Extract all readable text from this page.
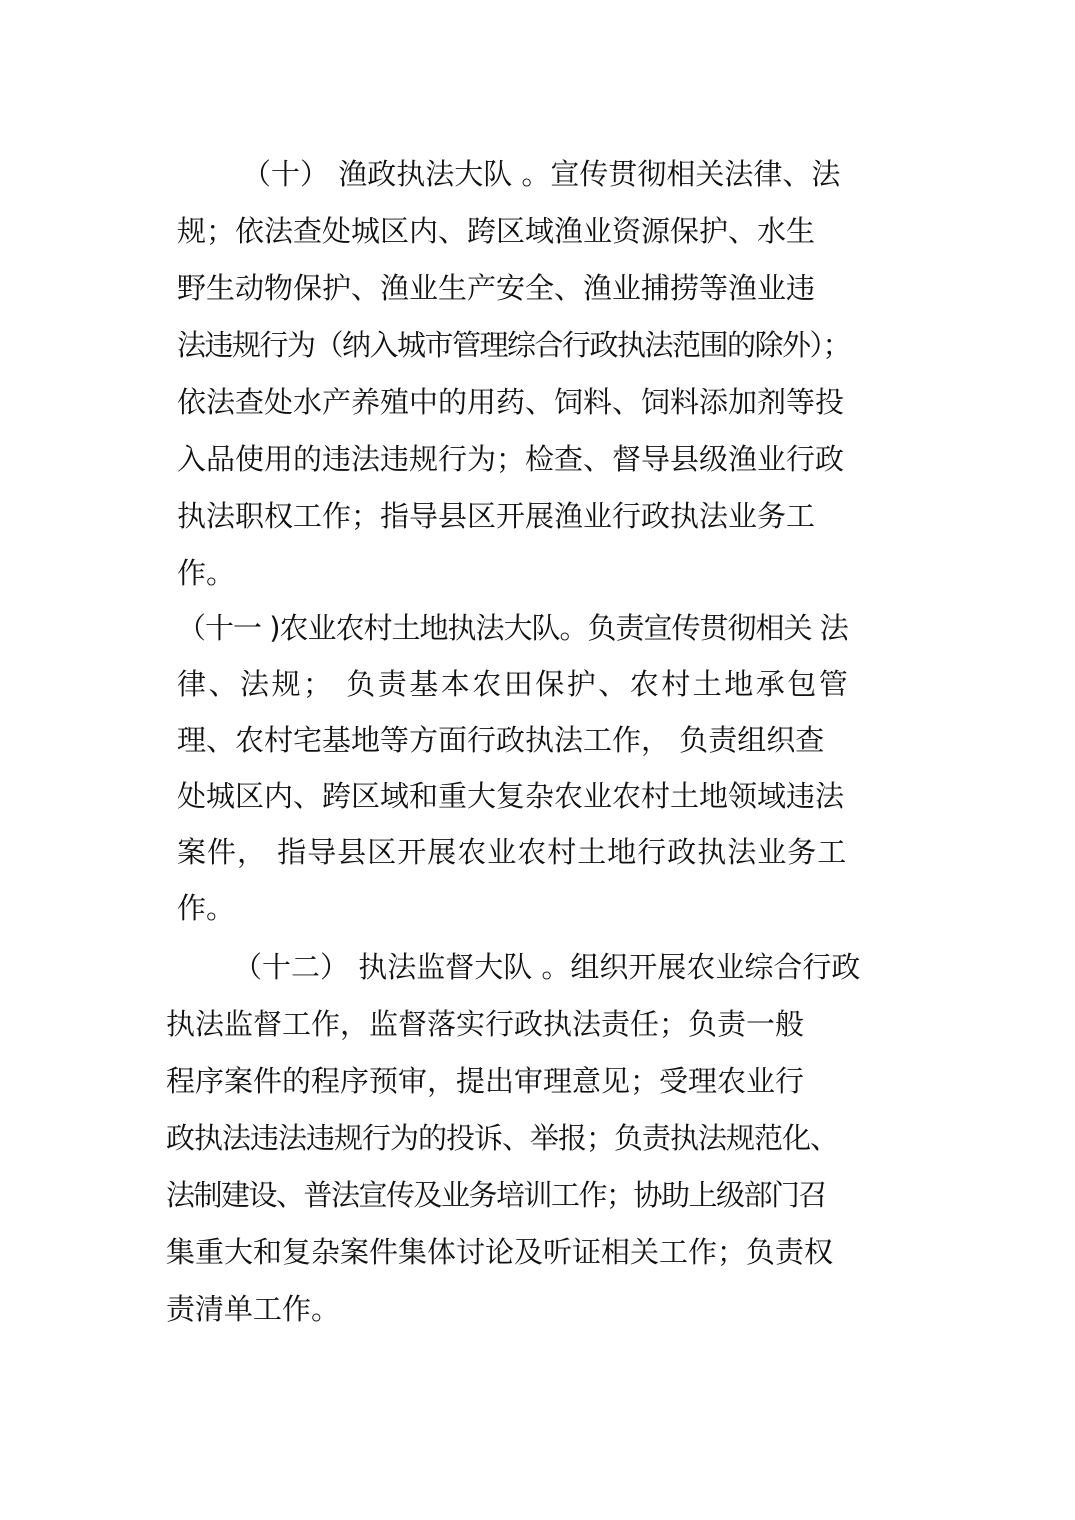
（十） 渔政执法大队 。宣传贯彻相关法律、法
规；依法查处城区内、跨区域渔业资源保护、水生
野生动物保护、渔业生产安全、渔业捕捞等渔业违
法违规行为（纳入城市管理综合行政执法范围的除外）；
依法查处水产养殖中的用药、饲料、饲料添加剂等投
入品使用的违法违规行为；检查、督导县级渔业行政
执法职权工作；指导县区开展渔业行政执法业务工
作。
（十一 )农业农村土地执法大队。负责宣传贯彻相关 法
律、法规； 负责基本农田保护、农村土地承包管
理、农村宅基地等方面行政执法工作， 负责组织查
处城区内、跨区域和重大复杂农业农村土地领域违法
案件， 指导县区开展农业农村土地行政执法业务工
作。
（十二） 执法监督大队 。组织开展农业综合行政
执法监督工作，监督落实行政执法责任；负责一般
程序案件的程序预审，提出审理意见；受理农业行
政执法违法违规行为的投诉、举报；负责执法规范化、
法制建设、普法宣传及业务培训工作；协助上级部门召
集重大和复杂案件集体讨论及听证相关工作；负责权
责清单工作。
